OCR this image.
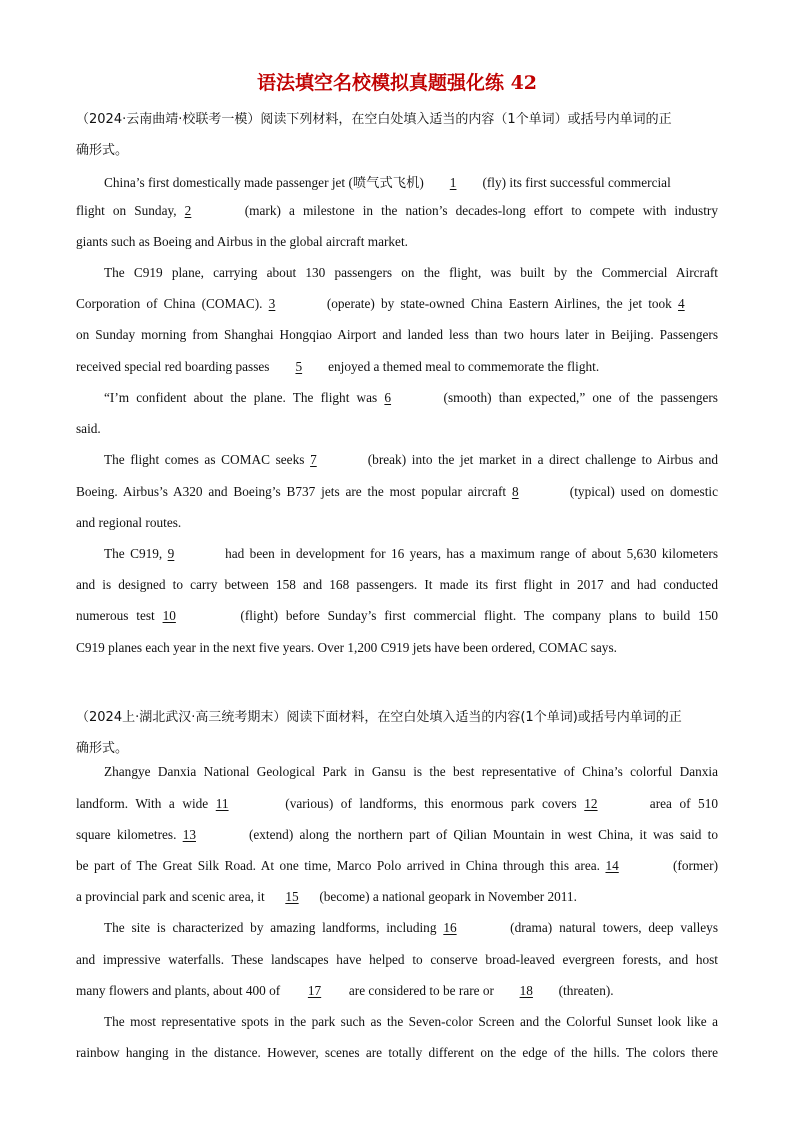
语法填空名校模拟真题强化练 42
（2024·云南曲靖·校联考一模）阅读下列材料，在空白处填入适当的内容（1个单词）或括号内单词的正
确形式。
China’s first domestically made passenger jet (喷气式飞机) 1 (fly) its first successful commercial
flight on Sunday, 2	(mark) a milestone in the nation’s decades-long effort to compete with industry
giants such as Boeing and Airbus in the global aircraft market.
The C919 plane, carrying about 130 passengers on the flight, was built by the Commercial Aircraft
Corporation of China (COMAC). 3	(operate) by state-owned China Eastern Airlines, the jet took 4
on Sunday morning from Shanghai Hongqiao Airport and landed less than two hours later in Beijing. Passengers
received special red boarding passes 5 enjoyed a themed meal to commemorate the flight.
“I’m confident about the plane. The flight was 6	(smooth) than expected,” one of the passengers
said.
The flight comes as COMAC seeks 7	(break) into the jet market in a direct challenge to Airbus and
Boeing. Airbus’s A320 and Boeing’s B737 jets are the most popular aircraft 8	(typical) used on domestic
and regional routes.
The C919, 9	had been in development for 16 years, has a maximum range of about 5,630 kilometers
and is designed to carry between 158 and 168 passengers. It made its first flight in 2017 and had conducted
numerous test 10	(flight) before Sunday’s first commercial flight. The company plans to build 150
C919 planes each year in the next five years. Over 1,200 C919 jets have been ordered, COMAC says.
（2024上·湖北武汉·高三统考期末）阅读下面材料，在空白处填入适当的内容(1个单词)或括号内单词的正
确形式。
Zhangye Danxia National Geological Park in Gansu is the best representative of China’s colorful Danxia
landform. With a wide 11	(various) of landforms, this enormous park covers 12	area of 510
square kilometres. 13	(extend) along the northern part of Qilian Mountain in west China, it was said to
be part of The Great Silk Road. At one time, Marco Polo arrived in China through this area. 14	(former)
a provincial park and scenic area, it 15 (become) a national geopark in November 2011.
The site is characterized by amazing landforms, including 16	(drama) natural towers, deep valleys
and impressive waterfalls. These landscapes have helped to conserve broad-leaved evergreen forests, and host
many flowers and plants, about 400 of 17 are considered to be rare or 18 (threaten).
The most representative spots in the park such as the Seven-color Screen and the Colorful Sunset look like a
rainbow hanging in the distance. However, scenes are totally different on the edge of the hills. The colors there
